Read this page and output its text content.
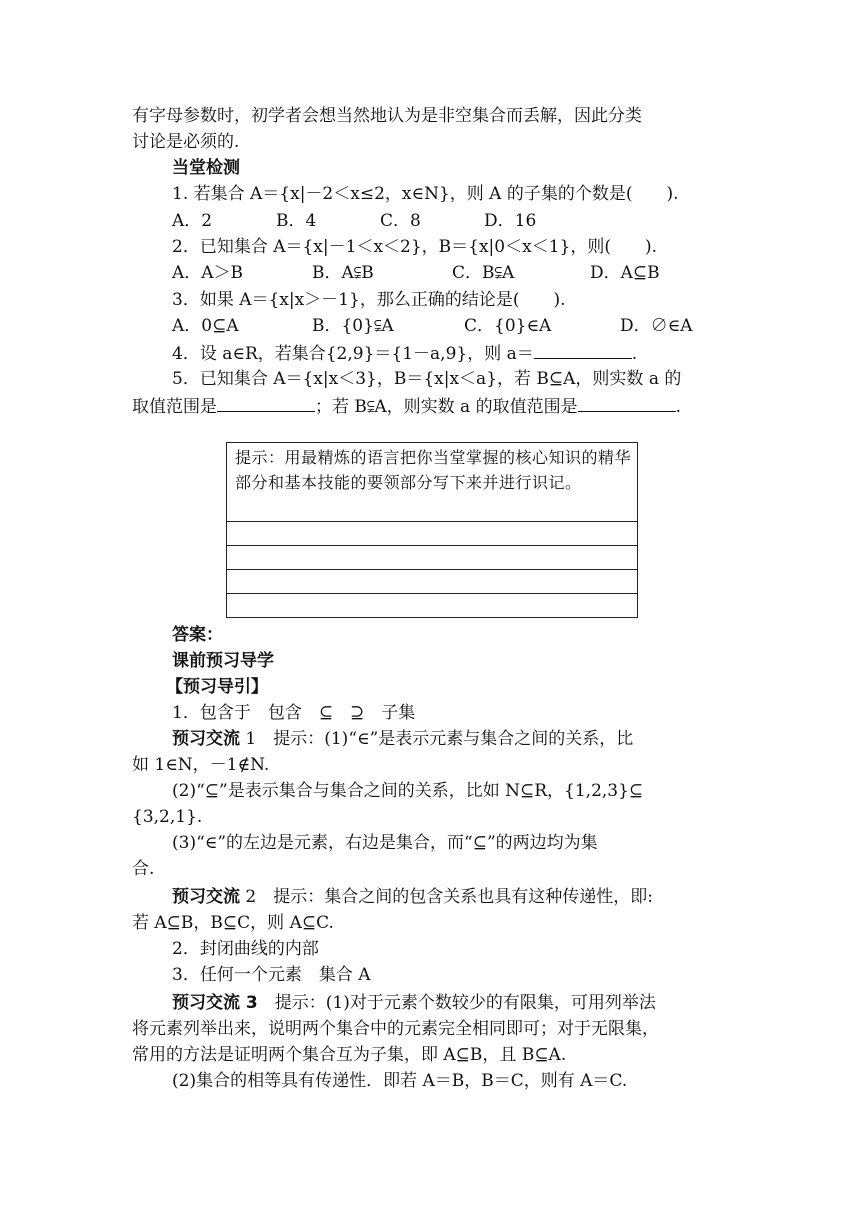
有字母参数时，初学者会想当然地认为是非空集合而丢解，因此分类
讨论是必须的.
当堂检测
1. 若集合 A＝{x|－2＜x≤2，x∈N}，则 A 的子集的个数是(　　).
A．2	B．4	C．8	D．16
2．已知集合 A＝{x|－1＜x＜2}，B＝{x|0＜x＜1}，则(　　).
A．A＞B	B．A⫋B	C．B⫋A	D．A⊆B
3．如果 A＝{x|x＞－1}，那么正确的结论是(　　).
A．0⊆A	B．{0}⫋A	C．{0}∈A	D．∅∈A
4．设 a∈R，若集合{2,9}＝{1－a,9}，则 a＝	.
5．已知集合 A＝{x|x＜3}，B＝{x|x＜a}，若 B⊆A，则实数 a 的
取值范围是	；若 B⫋A，则实数 a 的取值范围是	.
提示：用最精炼的语言把你当堂掌握的核心知识的精华部分和基本技能的要领部分写下来并进行识记。
答案：
课前预习导学
【预习导引】
1．包含于　包含　⊆　⊇　子集
预习交流 1　提示：(1)“∈”是表示元素与集合之间的关系，比
如 1∈N，－1∉N.
(2)“⊆”是表示集合与集合之间的关系，比如 N⊆R，{1,2,3}⊆
{3,2,1}.
(3)“∈”的左边是元素，右边是集合，而“⊆”的两边均为集
合.
预习交流 2　提示：集合之间的包含关系也具有这种传递性，即:
若 A⊆B，B⊆C，则 A⊆C.
2．封闭曲线的内部
3．任何一个元素　集合 A
预习交流 3　提示：(1)对于元素个数较少的有限集，可用列举法
将元素列举出来，说明两个集合中的元素完全相同即可；对于无限集，
常用的方法是证明两个集合互为子集，即 A⊆B，且 B⊆A.
(2)集合的相等具有传递性．即若 A＝B，B＝C，则有 A＝C.
